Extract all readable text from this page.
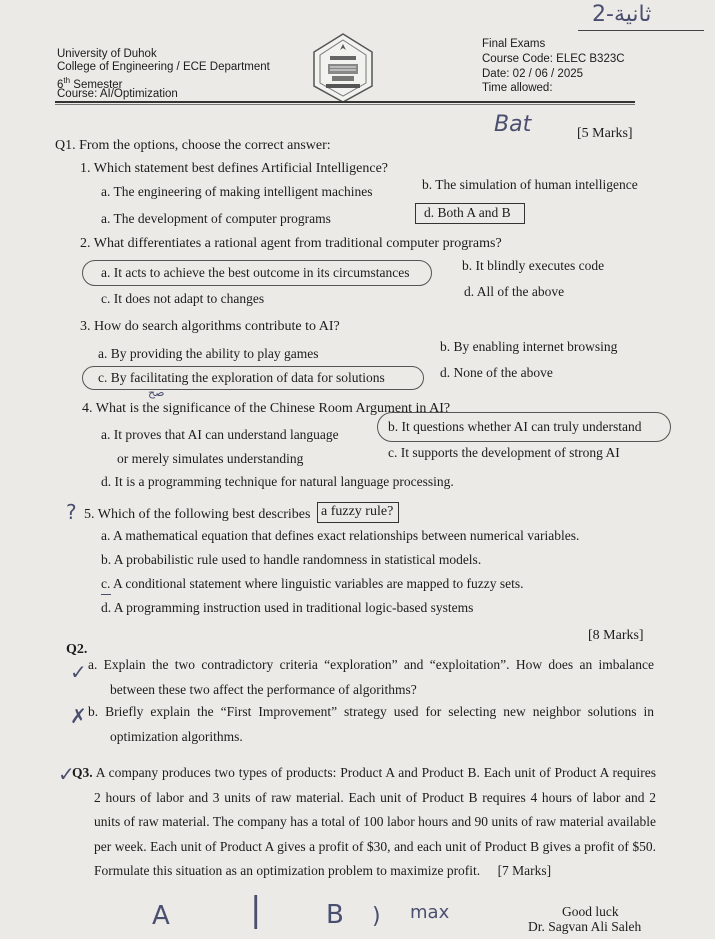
ثانية-2
University of Duhok
College of Engineering / ECE Department
6th Semester
Course: AI/Optimization
Final Exams
Course Code: ELEC B323C
Date: 02 / 06 / 2025
Time allowed:
Q1. From the options, choose the correct answer:
Bat	[5 Marks]
1. Which statement best defines Artificial Intelligence?
a. The engineering of making intelligent machines	b. The simulation of human intelligence
a. The development of computer programs	d. Both A and B
2. What differentiates a rational agent from traditional computer programs?
a. It acts to achieve the best outcome in its circumstances	b. It blindly executes code
c. It does not adapt to changes	d. All of the above
3. How do search algorithms contribute to AI?
a. By providing the ability to play games	b. By enabling internet browsing
c. By facilitating the exploration of data for solutions	d. None of the above
صح
4. What is the significance of the Chinese Room Argument in AI?
a. It proves that AI can understand language
or merely simulates understanding
b. It questions whether AI can truly understand
c. It supports the development of strong AI
d. It is a programming technique for natural language processing.
? 5. Which of the following best describes a fuzzy rule?
a. A mathematical equation that defines exact relationships between numerical variables.
b. A probabilistic rule used to handle randomness in statistical models.
c. A conditional statement where linguistic variables are mapped to fuzzy sets.
d. A programming instruction used in traditional logic-based systems
Q2.
[8 Marks]
✓ a. Explain the two contradictory criteria “exploration” and “exploitation”. How does an imbalance between these two affect the performance of algorithms?
✗ b. Briefly explain the “First Improvement” strategy used for selecting new neighbor solutions in optimization algorithms.
✓
Q3. A company produces two types of products: Product A and Product B. Each unit of Product A requires 2 hours of labor and 3 units of raw material. Each unit of Product B requires 4 hours of labor and 2 units of raw material. The company has a total of 100 labor hours and 90 units of raw material available per week. Each unit of Product A gives a profit of $30, and each unit of Product B gives a profit of $50. Formulate this situation as an optimization problem to maximize profit. [7 Marks]
A | B ) max	Good luck
Dr. Sagvan Ali Saleh
